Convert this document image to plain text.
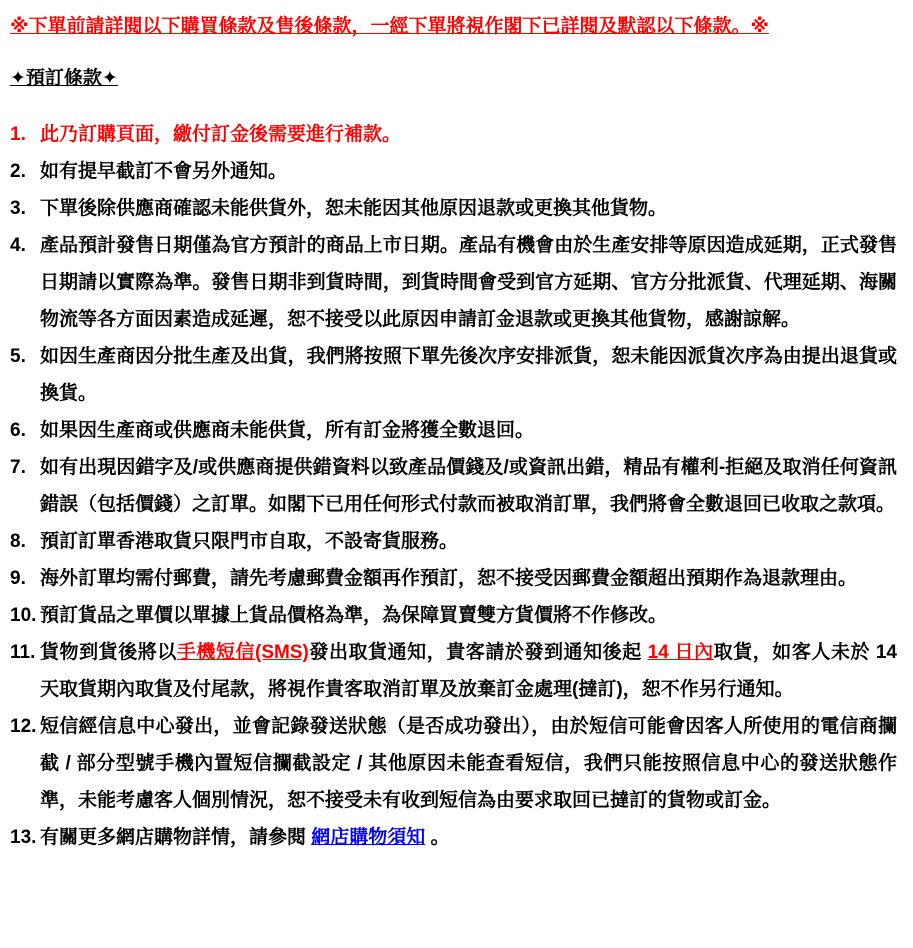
※下單前請詳閱以下購買條款及售後條款，一經下單將視作閣下已詳閱及默認以下條款。※
✦預訂條款✦
1. 此乃訂購頁面，繳付訂金後需要進行補款。
2. 如有提早截訂不會另外通知。
3. 下單後除供應商確認未能供貨外，恕未能因其他原因退款或更換其他貨物。
4. 產品預計發售日期僅為官方預計的商品上市日期。產品有機會由於生產安排等原因造成延期，正式發售日期請以實際為準。發售日期非到貨時間，到貨時間會受到官方延期、官方分批派貨、代理延期、海關物流等各方面因素造成延遲，恕不接受以此原因申請訂金退款或更換其他貨物，感謝諒解。
5. 如因生產商因分批生產及出貨，我們將按照下單先後次序安排派貨，恕未能因派貨次序為由提出退貨或換貨。
6. 如果因生產商或供應商未能供貨，所有訂金將獲全數退回。
7. 如有出現因錯字及/或供應商提供錯資料以致產品價錢及/或資訊出錯，精品有權利-拒絕及取消任何資訊錯誤（包括價錢）之訂單。如閣下已用任何形式付款而被取消訂單，我們將會全數退回已收取之款項。
8. 預訂訂單香港取貨只限門市自取，不設寄貨服務。
9. 海外訂單均需付郵費，請先考慮郵費金額再作預訂，恕不接受因郵費金額超出預期作為退款理由。
10. 預訂貨品之單價以單據上貨品價格為準，為保障買賣雙方貨價將不作修改。
11. 貨物到貨後將以手機短信(SMS)發出取貨通知，貴客請於發到通知後起 14 日內取貨，如客人未於 14 天取貨期內取貨及付尾款，將視作貴客取消訂單及放棄訂金處理(撻訂)，恕不作另行通知。
12. 短信經信息中心發出，並會記錄發送狀態（是否成功發出），由於短信可能會因客人所使用的電信商攔截 / 部分型號手機內置短信攔截設定 / 其他原因未能查看短信，我們只能按照信息中心的發送狀態作準，未能考慮客人個別情況，恕不接受未有收到短信為由要求取回已撻訂的貨物或訂金。
13. 有關更多網店購物詳情，請參閱 網店購物須知 。
